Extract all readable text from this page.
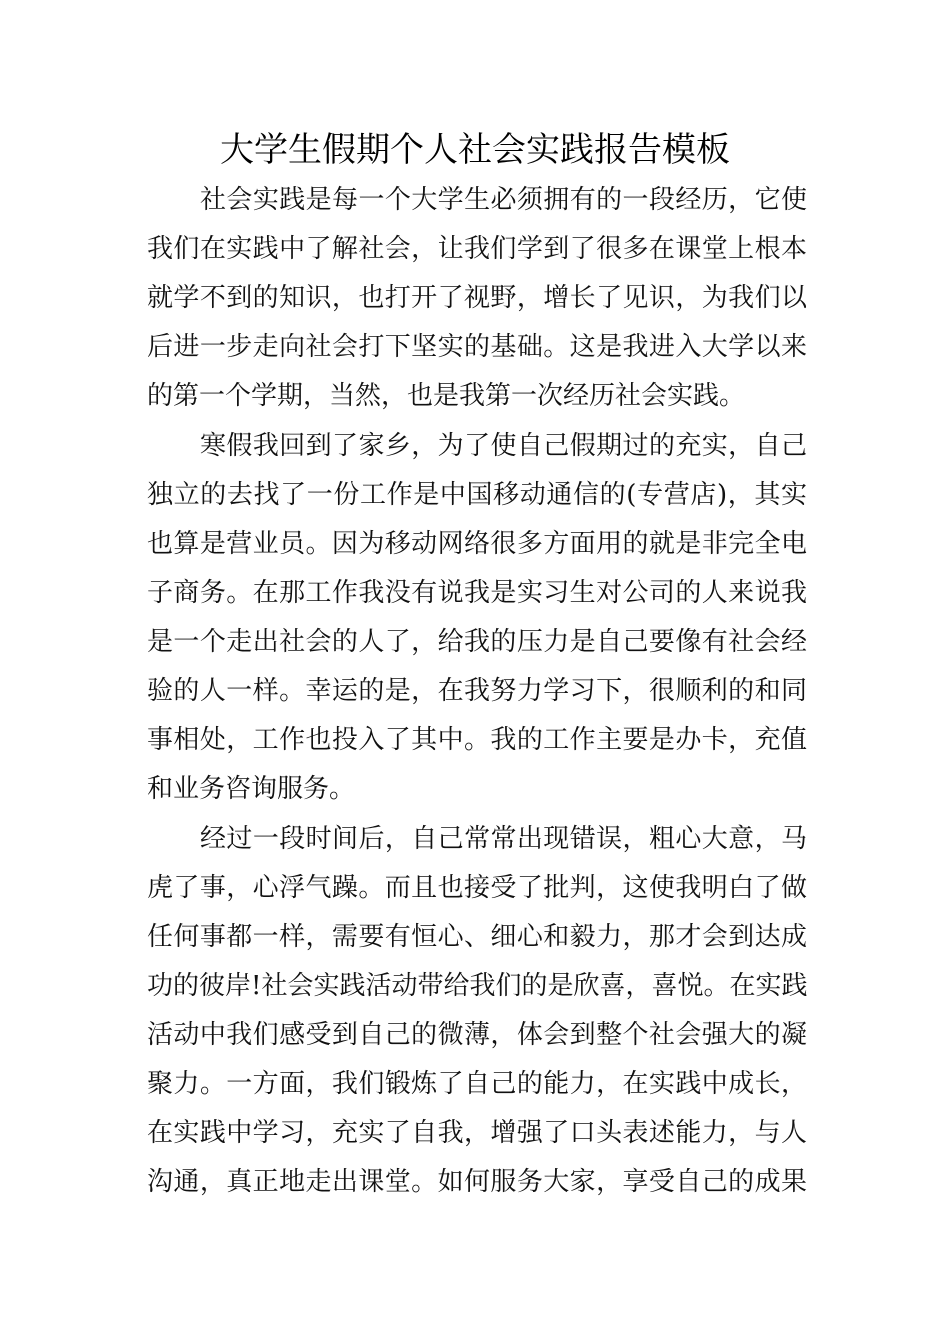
大学生假期个人社会实践报告模板
社会实践是每一个大学生必须拥有的一段经历，它使
我们在实践中了解社会，让我们学到了很多在课堂上根本
就学不到的知识，也打开了视野，增长了见识，为我们以
后进一步走向社会打下坚实的基础。这是我进入大学以来
的第一个学期，当然，也是我第一次经历社会实践。
寒假我回到了家乡，为了使自己假期过的充实，自己
独立的去找了一份工作是中国移动通信的(专营店)，其实
也算是营业员。因为移动网络很多方面用的就是非完全电
子商务。在那工作我没有说我是实习生对公司的人来说我
是一个走出社会的人了，给我的压力是自己要像有社会经
验的人一样。幸运的是，在我努力学习下，很顺利的和同
事相处，工作也投入了其中。我的工作主要是办卡，充值
和业务咨询服务。
经过一段时间后，自己常常出现错误，粗心大意，马
虎了事，心浮气躁。而且也接受了批判，这使我明白了做
任何事都一样，需要有恒心、细心和毅力，那才会到达成
功的彼岸!社会实践活动带给我们的是欣喜，喜悦。在实践
活动中我们感受到自己的微薄，体会到整个社会强大的凝
聚力。一方面，我们锻炼了自己的能力，在实践中成长，
在实践中学习，充实了自我，增强了口头表述能力，与人
沟通，真正地走出课堂。如何服务大家，享受自己的成果
